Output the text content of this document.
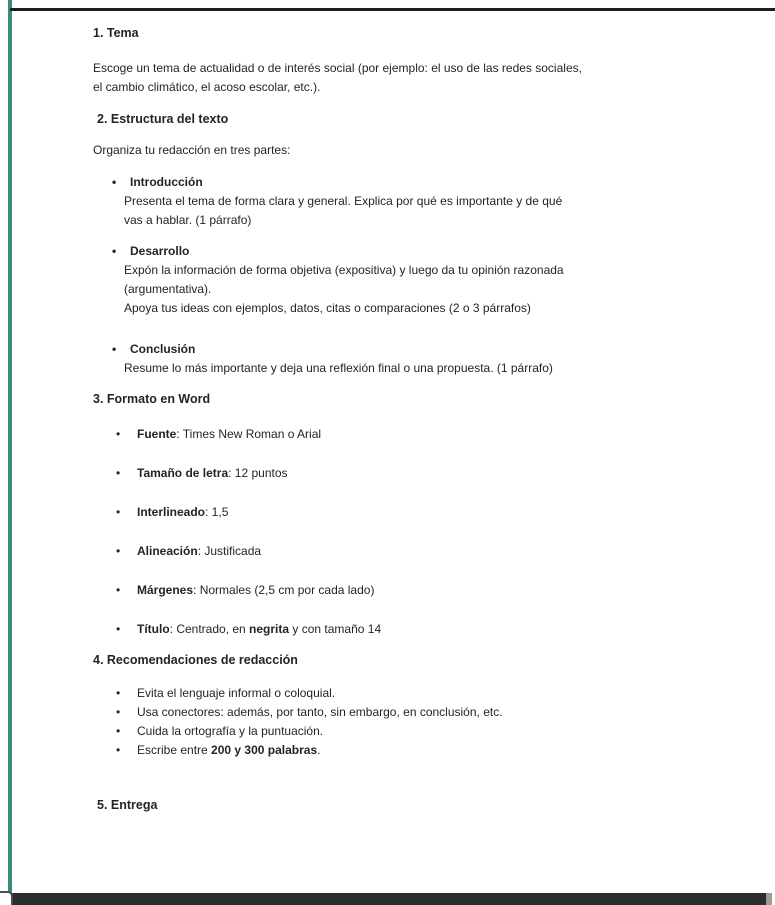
1. Tema

Escoge un tema de actualidad o de interés social (por ejemplo: el uso de las redes sociales,
el cambio climático, el acoso escolar, etc.).

2. Estructura del texto

Organiza tu redacción en tres partes:

• Introducción
Presenta el tema de forma clara y general. Explica por qué es importante y de qué
vas a hablar. (1 párrafo)
• Desarrollo
Expón la información de forma objetiva (expositiva) y luego da tu opinión razonada
(argumentativa).
Apoya tus ideas con ejemplos, datos, citas o comparaciones (2 o 3 párrafos)
• Conclusión
Resume lo más importante y deja una reflexión final o una propuesta. (1 párrafo)
3. Formato en Word
• Fuente: Times New Roman o Arial
• Tamaño de letra: 12 puntos
• Interlineado: 1,5
• Alineación: Justificada
• Márgenes: Normales (2,5 cm por cada lado)
• Título: Centrado, en negrita y con tamaño 14
4. Recomendaciones de redacción
• Evita el lenguaje informal o coloquial.
• Usa conectores: además, por tanto, sin embargo, en conclusión, etc.
• Cuida la ortografía y la puntuación.
• Escribe entre 200 y 300 palabras.
5. Entrega
